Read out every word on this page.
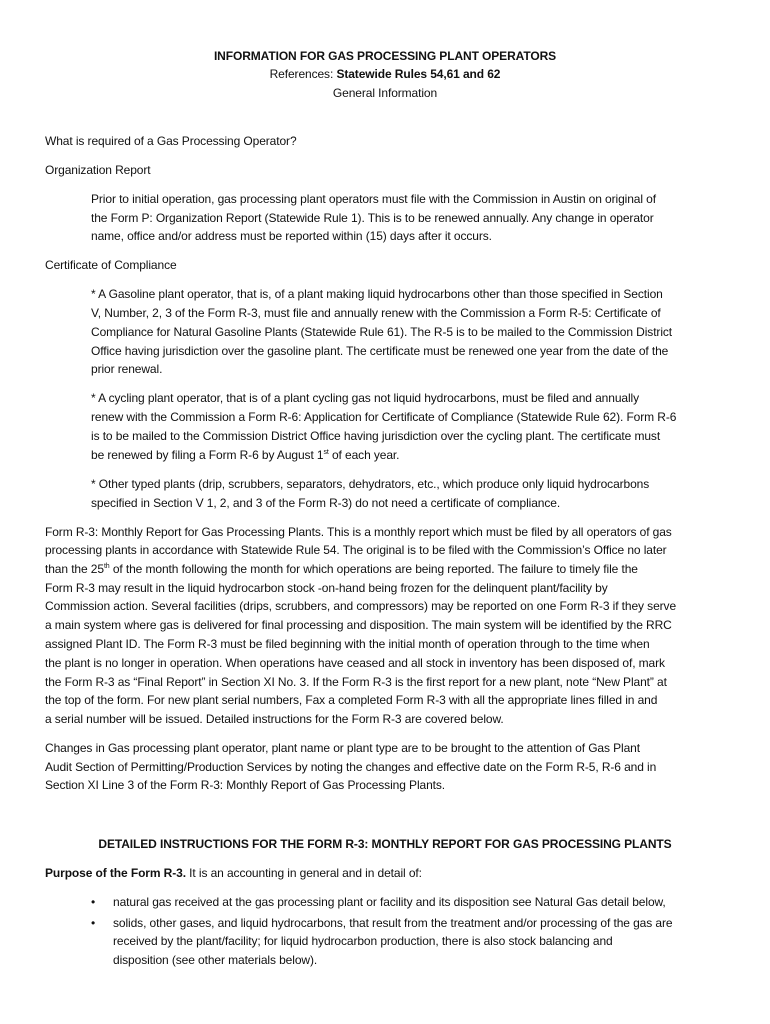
INFORMATION FOR GAS PROCESSING PLANT OPERATORS
References: Statewide Rules 54,61 and 62
General Information
What is required of a Gas Processing Operator?
Organization Report
Prior to initial operation, gas processing plant operators must file with the Commission in Austin on original of
the Form P: Organization Report (Statewide Rule 1). This is to be renewed annually. Any change in operator
name, office and/or address must be reported within (15) days after it occurs.
Certificate of Compliance
* A Gasoline plant operator, that is, of a plant making liquid hydrocarbons other than those specified in Section
V, Number, 2, 3 of the Form R-3, must file and annually renew with the Commission a Form R-5: Certificate of
Compliance for Natural Gasoline Plants (Statewide Rule 61). The R-5 is to be mailed to the Commission District
Office having jurisdiction over the gasoline plant. The certificate must be renewed one year from the date of the
prior renewal.
* A cycling plant operator, that is of a plant cycling gas not liquid hydrocarbons, must be filed and annually
renew with the Commission a Form R-6: Application for Certificate of Compliance (Statewide Rule 62). Form R-6
is to be mailed to the Commission District Office having jurisdiction over the cycling plant. The certificate must
be renewed by filing a Form R-6 by August 1st of each year.
* Other typed plants (drip, scrubbers, separators, dehydrators, etc., which produce only liquid hydrocarbons
specified in Section V 1, 2, and 3 of the Form R-3) do not need a certificate of compliance.
Form R-3: Monthly Report for Gas Processing Plants. This is a monthly report which must be filed by all operators of gas
processing plants in accordance with Statewide Rule 54. The original is to be filed with the Commission’s Office no later
than the 25th of the month following the month for which operations are being reported. The failure to timely file the
Form R-3 may result in the liquid hydrocarbon stock -on-hand being frozen for the delinquent plant/facility by
Commission action. Several facilities (drips, scrubbers, and compressors) may be reported on one Form R-3 if they serve
a main system where gas is delivered for final processing and disposition. The main system will be identified by the RRC
assigned Plant ID. The Form R-3 must be filed beginning with the initial month of operation through to the time when
the plant is no longer in operation. When operations have ceased and all stock in inventory has been disposed of, mark
the Form R-3 as “Final Report” in Section XI No. 3. If the Form R-3 is the first report for a new plant, note “New Plant” at
the top of the form. For new plant serial numbers, Fax a completed Form R-3 with all the appropriate lines filled in and
a serial number will be issued. Detailed instructions for the Form R-3 are covered below.
Changes in Gas processing plant operator, plant name or plant type are to be brought to the attention of Gas Plant
Audit Section of Permitting/Production Services by noting the changes and effective date on the Form R-5, R-6 and in
Section XI Line 3 of the Form R-3: Monthly Report of Gas Processing Plants.
DETAILED INSTRUCTIONS FOR THE FORM R-3: MONTHLY REPORT FOR GAS PROCESSING PLANTS
Purpose of the Form R-3. It is an accounting in general and in detail of:
• natural gas received at the gas processing plant or facility and its disposition see Natural Gas detail below,
• solids, other gases, and liquid hydrocarbons, that result from the treatment and/or processing of the gas are
received by the plant/facility; for liquid hydrocarbon production, there is also stock balancing and
disposition (see other materials below).
